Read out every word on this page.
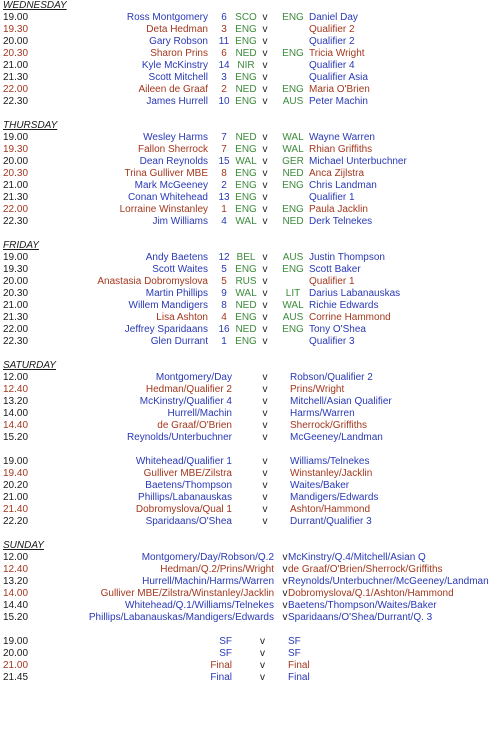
WEDNESDAY
19.00	Ross Montgomery	6 SCO v	ENG Daniel Day
19.30	Deta Hedman	3 ENG v	Qualifier 2
20.00	Gary Robson	11 ENG v	Qualifier 2
20.30	Sharon Prins	6 NED v	ENG Tricia Wright
21.00	Kyle McKinstry	14 NIR v	Qualifier 4
21.30	Scott Mitchell	3 ENG v	Qualifier Asia
22.00	Aileen de Graaf	2 NED v	ENG Maria O'Brien
22.30	James Hurrell	10 ENG v	AUS Peter Machin
THURSDAY
19.00	Wesley Harms	7 NED v	WAL Wayne Warren
19.30	Fallon Sherrock	7 ENG v	WAL Rhian Griffiths
20.00	Dean Reynolds	15 WAL v	GER Michael Unterbuchner
20.30	Trina Gulliver MBE	8 ENG v	NED Anca Zijlstra
21.00	Mark McGeeney	2 ENG v	ENG Chris Landman
21.30	Conan Whitehead	13 ENG v	Qualifier 1
22.00	Lorraine Winstanley	1 ENG v	ENG Paula Jacklin
22.30	Jim Williams	4 WAL v	NED Derk Telnekes
FRIDAY
19.00	Andy Baetens	12 BEL v	AUS Justin Thompson
19.30	Scott Waites	5 ENG v	ENG Scott Baker
20.00	Anastasia Dobromyslova	5 RUS v	Qualifier 1
20.30	Martin Phillips	9 WAL v	LIT Darius Labanauskas
21.00	Willem Mandigers	8 NED v	WAL Richie Edwards
21.30	Lisa Ashton	4 ENG v	AUS Corrine Hammond
22.00	Jeffrey Sparidaans	16 NED v	ENG Tony O'Shea
22.30	Glen Durrant	1 ENG v	Qualifier 3
SATURDAY
12.00	Montgomery/Day	v Robson/Qualifier 2
12.40	Hedman/Qualifier 2	v Prins/Wright
13.20	McKinstry/Qualifier 4	v Mitchell/Asian Qualifier
14.00	Hurrell/Machin	v Harms/Warren
14.40	de Graaf/O'Brien	v Sherrock/Griffiths
15.20	Reynolds/Unterbuchner	v McGeeney/Landman
19.00	Whitehead/Qualifier 1	v Williams/Telnekes
19.40	Gulliver MBE/Zilstra	v Winstanley/Jacklin
20.20	Baetens/Thompson	v Waites/Baker
21.00	Phillips/Labanauskas	v Mandigers/Edwards
21.40	Dobromyslova/Qual 1	v Ashton/Hammond
22.20	Sparidaans/O'Shea	v Durrant/Qualifier 3
SUNDAY
12.00	Montgomery/Day/Robson/Q.2 v McKinstry/Q.4/Mitchell/Asian Q
12.40	Hedman/Q.2/Prins/Wright v de Graaf/O'Brien/Sherrock/Griffiths
13.20	Hurrell/Machin/Harms/Warren v Reynolds/Unterbuchner/McGeeney/Landman
14.00	Gulliver MBE/Zilstra/Winstanley/Jacklin v Dobromyslova/Q.1/Ashton/Hammond
14.40	Whitehead/Q.1/Williams/Telnekes v Baetens/Thompson/Waites/Baker
15.20	Phillips/Labanauskas/Mandigers/Edwards v Sparidaans/O'Shea/Durrant/Q. 3
19.00	SF	v	SF
20.00	SF	v	SF
21.00	Final	v	Final
21.45	Final	v	Final
